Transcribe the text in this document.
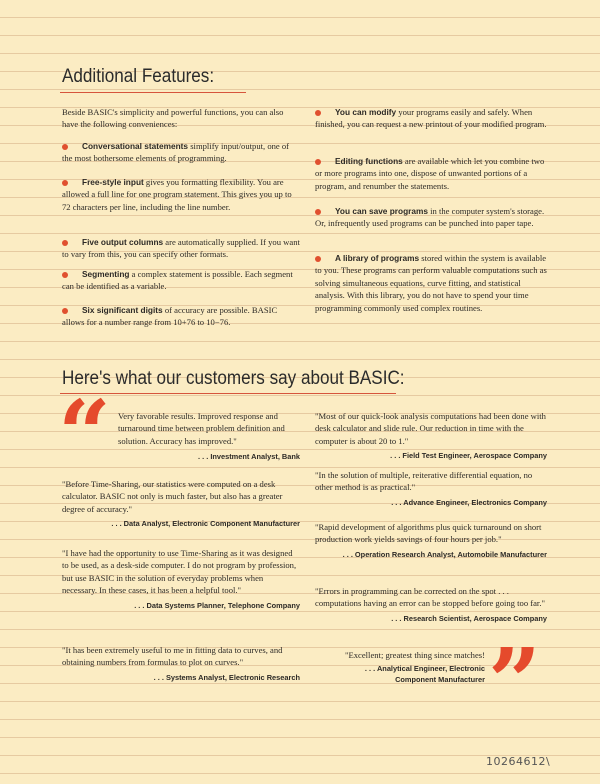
Additional Features:
Beside BASIC's simplicity and powerful functions, you can also have the following conveniences:
Conversational statements simplify input/output, one of the most bothersome elements of programming.
Free-style input gives you formatting flexibility. You are allowed a full line for one program statement. This gives you up to 72 characters per line, including the line number.
Five output columns are automatically supplied. If you want to vary from this, you can specify other formats.
Segmenting a complex statement is possible. Each segment can be identified as a variable.
Six significant digits of accuracy are possible. BASIC allows for a number range from 10+76 to 10−76.
You can modify your programs easily and safely. When finished, you can request a new printout of your modified program.
Editing functions are available which let you combine two or more programs into one, dispose of unwanted portions of a program, and renumber the statements.
You can save programs in the computer system's storage. Or, infrequently used programs can be punched into paper tape.
A library of programs stored within the system is available to you. These programs can perform valuable computations such as solving simultaneous equations, curve fitting, and statistical analysis. With this library, you do not have to spend your time programming commonly used complex routines.
Here's what our customers say about BASIC:
“ Very favorable results. Improved response and turnaround time between problem definition and solution. Accuracy has improved."

. . . Investment Analyst, Bank

"Before Time-Sharing, our statistics were computed on a desk calculator. BASIC not only is much faster, but also has a greater degree of accuracy."

. . . Data Analyst, Electronic Component Manufacturer

"I have had the opportunity to use Time-Sharing as it was designed to be used, as a desk-side computer. I do not program by profession, but use BASIC in the solution of everyday problems when necessary. In these cases, it has been a helpful tool."

. . . Data Systems Planner, Telephone Company

"It has been extremely useful to me in fitting data to curves, and obtaining numbers from formulas to plot on curves."

. . . Systems Analyst, Electronic Research

"Most of our quick-look analysis computations had been done with desk calculator and slide rule. Our reduction in time with the computer is about 20 to 1."

. . . Field Test Engineer, Aerospace Company

"In the solution of multiple, reiterative differential equation, no other method is as practical."

. . . Advance Engineer, Electronics Company

"Rapid development of algorithms plus quick turnaround on short production work yields savings of four hours per job."

. . . Operation Research Analyst, Automobile Manufacturer

"Errors in programming can be corrected on the spot . . . computations having an error can be stopped before going too far."

. . . Research Scientist, Aerospace Company

"Excellent; greatest thing since matches!

. . . Analytical Engineer, Electronic

Component Manufacturer ”
10264612\
